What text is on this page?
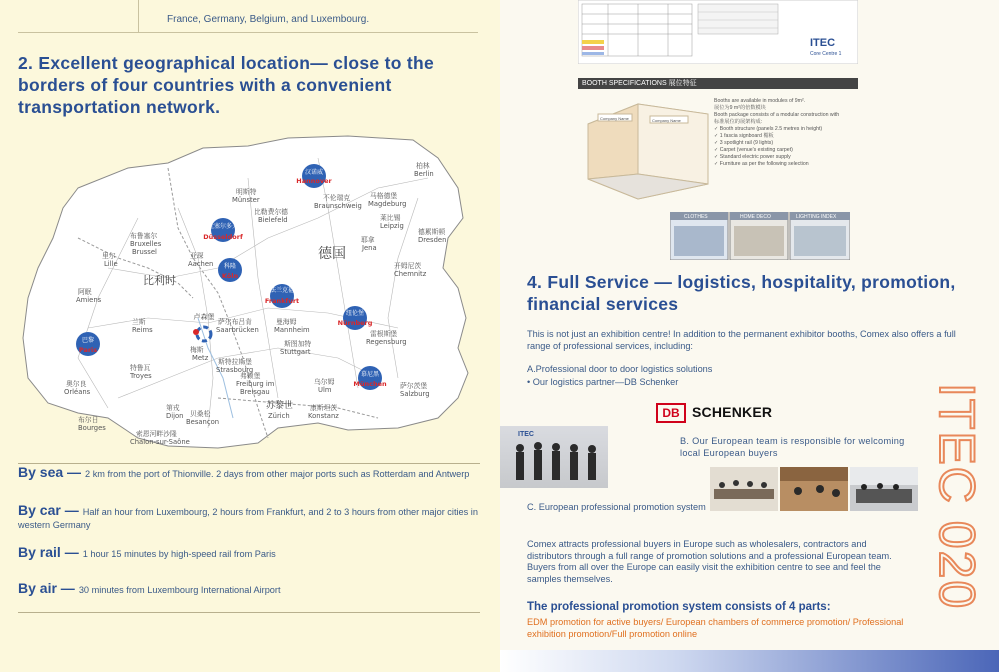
France, Germany, Belgium, and Luxembourg.
2. Excellent geographical location— close to the borders of four countries with a convenient transportation network.
德国
比利时
柏林
Berlin
明斯特
Münster	不伦瑞克
Braunschweig
马格德堡
Magdeburg
比勒费尔德
Bielefeld	莱比锡
Leipzig
德累斯顿
Dresden
布鲁塞尔
Bruxelles
Brussel
耶拿
Jena
里尔
Lille
亚琛
Aachen	开姆尼茨
Chemnitz
阿眠
Amiens
兰斯
Reims
萨尔布吕肯
Saarbrücken
曼海姆
Mannheim	雷根斯堡
Regensburg
斯图加特
Stuttgart
梅斯
Metz
特鲁瓦
Troyes
斯特拉斯堡
Strasbourg
奥尔良
Orléans
弗赖堡
Freiburg im
Breisgau
乌尔姆
Ulm	萨尔茨堡
Salzburg
第戎
Dijon 贝桑松
Besançon
苏黎世
Zürich
康斯坦茨
Konstanz
布尔日
Bourges
索恩河畔沙隆
Chalon-sur-Saône
汉诺威
Hannover
杜塞尔多夫
Düsseldorf
科隆
Köln
法兰克福
Frankfurt
纽伦堡
Nürnberg
巴黎
Paris
慕尼黑
München
卢森堡
By sea — 2 km from the port of Thionville. 2 days from other major ports such as Rotterdam and Antwerp
By car — Half an hour from Luxembourg, 2 hours from Frankfurt, and 2 to 3 hours from other major cities in western Germany
By rail — 1 hour 15 minutes by high-speed rail from Paris
By air — 30 minutes from Luxembourg International Airport
ITEC
Core Centre 1
BOOTH SPECIFICATIONS 展位特征
Company Name	Company Name
Booths are available in modules of 9m².
展位为9 m²的倍数模块
Booth package consists of a modular construction with
标准展位的展架构成:
✓ Booth structure (panels 2.5 metres in height)
✓ 1 fascia signboard 楣板
✓ 3 spotlight rail (9 lights)
✓ Carpet (venue's existing carpet)
✓ Standard electric power supply
✓ Furniture as per the following selection
CLOTHES	HOME DECO	LIGHTING INDEX
4. Full Service — logistics, hospitality, promotion, financial services
This is not just an exhibition centre! In addition to the permanent exhibitor booths, Comex also offers a full range of professional services, including:
A.Professional door to door logistics solutions
• Our logistics partner—DB Schenker
DB SCHENKER
ITEC
B. Our European team is responsible for welcoming local European buyers
C. European professional promotion system
Comex attracts professional buyers in Europe such as wholesalers, contractors and distributors through a full range of promotion solutions and a professional European team. Buyers from all over the Europe can easily visit the exhibition centre to see and feel the samples themselves.
The professional promotion system consists of 4 parts:
EDM promotion for active buyers/ European chambers of commerce promotion/ Professional exhibition promotion/Full promotion online
ITEC 020
